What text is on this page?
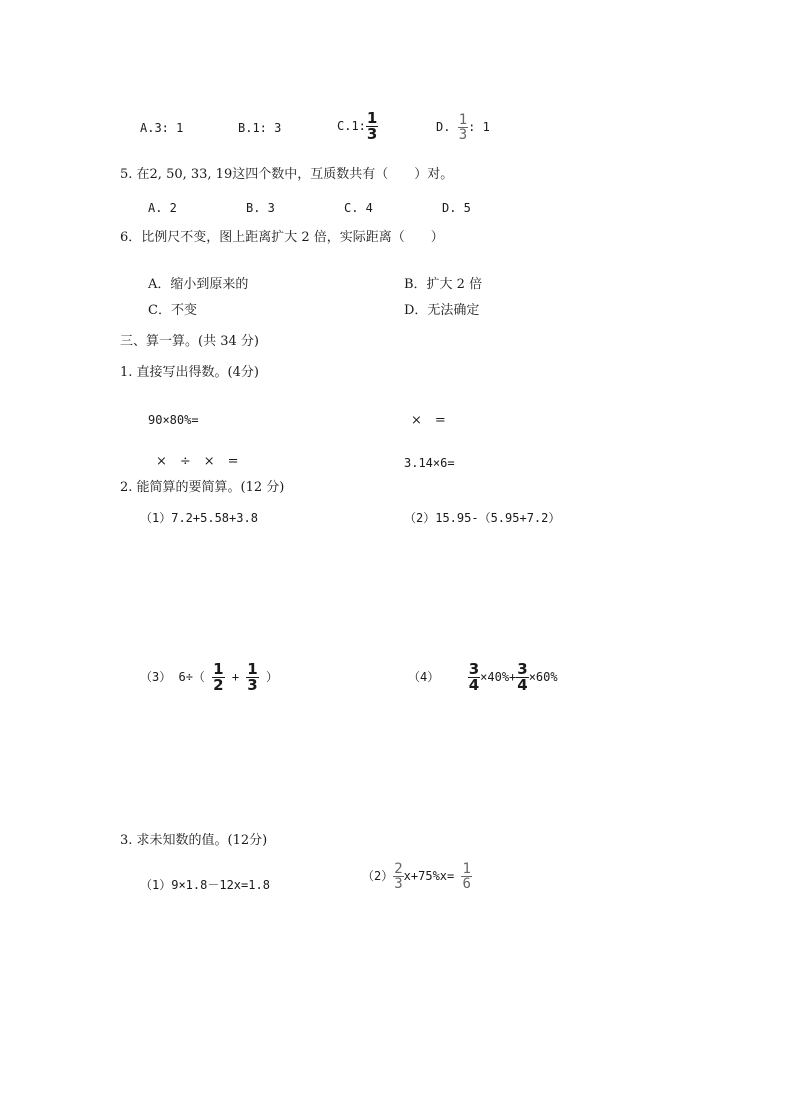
A.3: 1	B.1: 3	C.1: $\frac{1}{3}$	D. $\frac{1}{3}$ : 1
5. 在2, 50, 33, 19这四个数中，互质数共有（　　）对。
A. 2	B. 3	C. 4	D. 5
6．比例尺不变，图上距离扩大 2 倍，实际距离（　　）
A．缩小到原来的	B．扩大 2 倍
C．不变	D．无法确定
三、算一算。(共 34 分)
1. 直接写出得数。(4分)
90×80%=	×　=
×　÷　×　=	3.14×6=
2. 能简算的要简算。(12 分)
（1）7.2+5.58+3.8	（2）15.95-（5.95+7.2）
（3） $6\div( \frac{1}{2} + \frac{1}{3}$ ）	$(4) \frac{3}{4} \times 40\%+ \frac{3}{4} \times 60\%$
3. 求未知数的值。(12分)
（1）9×1.8－12x=1.8
$(2) \frac{2}{3} x+75\%x= \frac{1}{6}$
